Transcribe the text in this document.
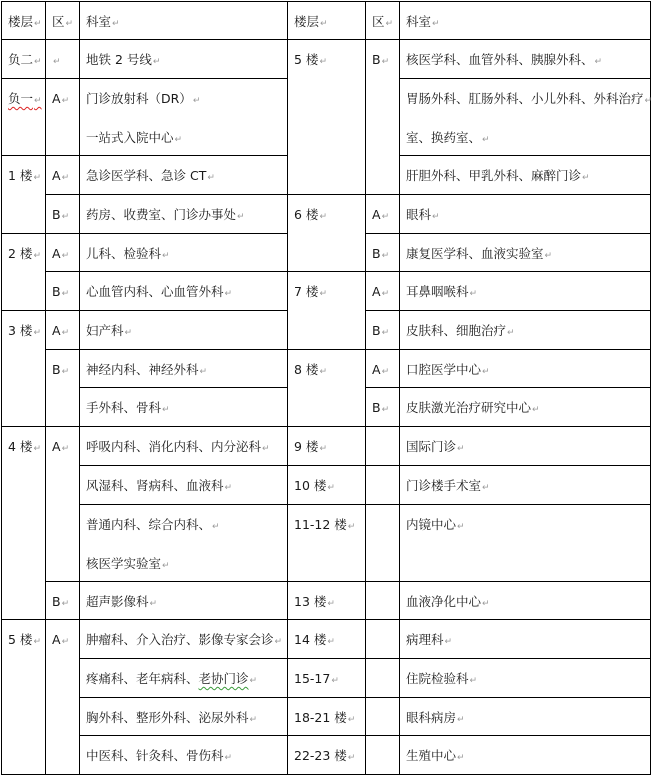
楼层↵ 区↵ 科室↵	楼层↵	区↵ 科室↵
负二↵
负一↵
1 楼↵
2 楼↵
3 楼↵
4 楼↵
5 楼↵
↵
A↵
A↵
B↵
A↵
B↵
A↵
B↵
A↵
B↵
A↵
地铁 2 号线↵
门诊放射科（DR）↵
一站式入院中心↵
急诊医学科、急诊 CT↵
药房、收费室、门诊办事处↵
儿科、检验科↵
心血管内科、心血管外科↵
妇产科↵
神经内科、神经外科↵
手外科、骨科↵
呼吸内科、消化内科、内分泌科↵
风湿科、肾病科、血液科↵
普通内科、综合内科、↵
核医学实验室↵
超声影像科↵
肿瘤科、介入治疗、影像专家会诊↵
疼痛科、老年病科、老协门诊↵
胸外科、整形外科、泌尿外科↵
中医科、针灸科、骨伤科↵
5 楼↵
6 楼↵
7 楼↵
8 楼↵
9 楼↵
10 楼↵
11-12 楼↵
13 楼↵
14 楼↵
15-17↵
18-21 楼↵
22-23 楼↵
B↵
A↵
B↵
A↵
B↵
A↵
B↵
核医学科、血管外科、胰腺外科、↵
胃肠外科、肛肠外科、小儿外科、外科治疗↵
室、换药室、↵
肝胆外科、甲乳外科、麻醉门诊↵
眼科↵
康复医学科、血液实验室↵
耳鼻咽喉科↵
皮肤科、细胞治疗↵
口腔医学中心↵
皮肤激光治疗研究中心↵
国际门诊↵
门诊楼手术室↵
内镜中心↵
血液净化中心↵
病理科↵
住院检验科↵
眼科病房↵
生殖中心↵
